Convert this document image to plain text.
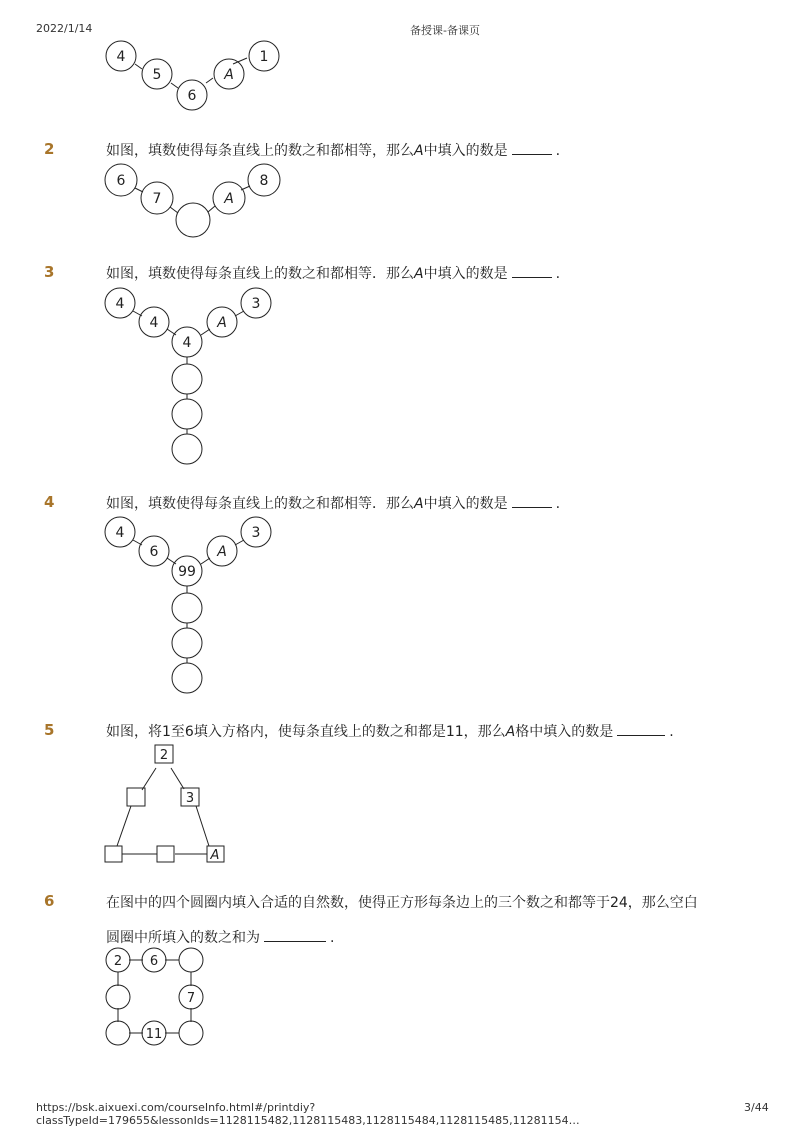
2022/1/14	备授课-备课页
4
5
6
A
1
2	如图，填数使得每条直线上的数之和都相等，那么A中填入的数是	.
6
7	A
8
3	如图，填数使得每条直线上的数之和都相等．那么A中填入的数是	.
4
4
4
A
3
4	如图，填数使得每条直线上的数之和都相等．那么A中填入的数是	.
4
6
99
A
3
5	如图，将1至6填入方格内，使每条直线上的数之和都是11，那么A格中填入的数是	.
2
3
A
6	在图中的四个圆圈内填入合适的自然数，使得正方形每条边上的三个数之和都等于24，那么空白
圆圈中所填入的数之和为	.
2 6
7
11
https://bsk.aixuexi.com/courseInfo.html#/printdiy?classTypeId=179655&lessonIds=1128115482,1128115483,1128115484,1128115485,11281154…
3/44
